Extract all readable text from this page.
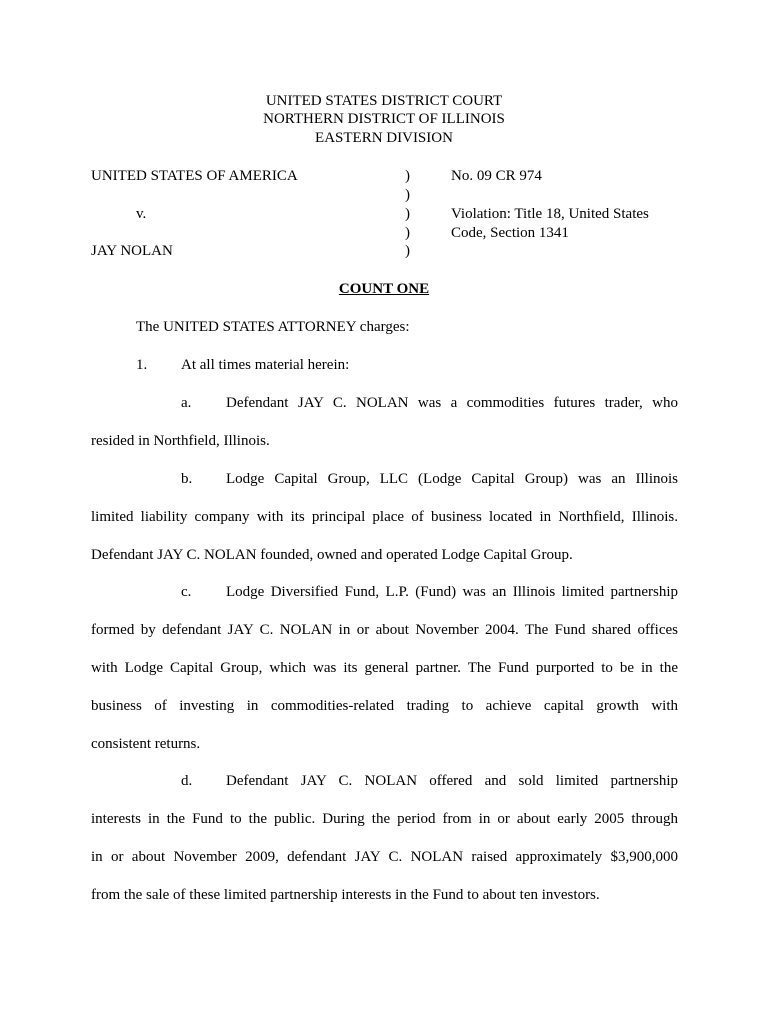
UNITED STATES DISTRICT COURT
NORTHERN DISTRICT OF ILLINOIS
EASTERN DIVISION
UNITED STATES OF AMERICA
v.
JAY NOLAN
)
)
)
)
)
No. 09 CR 974
Violation: Title 18, United States
Code, Section 1341
COUNT ONE
The UNITED STATES ATTORNEY charges:
1. At all times material herein:
a. Defendant JAY C. NOLAN was a commodities futures trader, who
resided in Northfield, Illinois.
b. Lodge Capital Group, LLC (Lodge Capital Group) was an Illinois
limited liability company with its principal place of business located in Northfield, Illinois.
Defendant JAY C. NOLAN founded, owned and operated Lodge Capital Group.
c. Lodge Diversified Fund, L.P. (Fund) was an Illinois limited partnership
formed by defendant JAY C. NOLAN in or about November 2004. The Fund shared offices
with Lodge Capital Group, which was its general partner. The Fund purported to be in the
business of investing in commodities-related trading to achieve capital growth with
consistent returns.
d. Defendant JAY C. NOLAN offered and sold limited partnership
interests in the Fund to the public. During the period from in or about early 2005 through
in or about November 2009, defendant JAY C. NOLAN raised approximately $3,900,000
from the sale of these limited partnership interests in the Fund to about ten investors.
